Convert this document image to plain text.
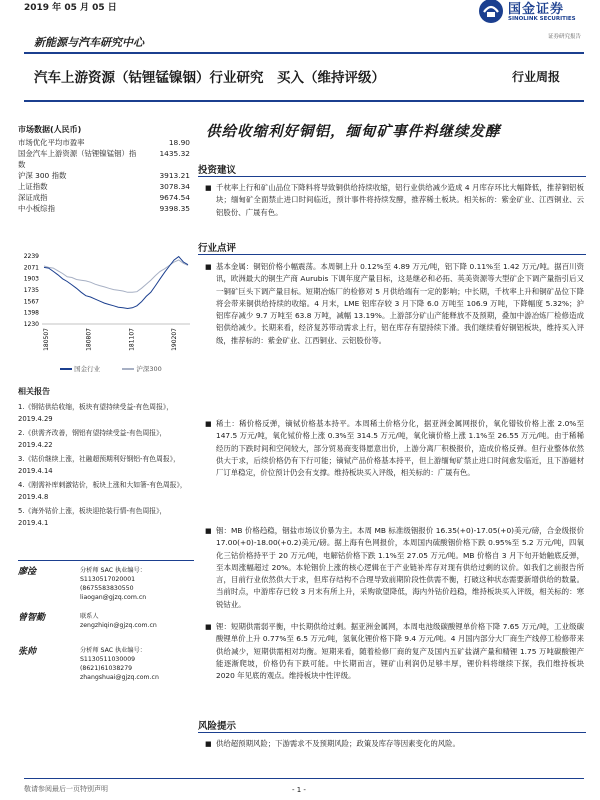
2019 年 05 月 05 日	国金证券
SINOLINK SECURITIES
证券研究报告
新能源与汽车研究中心
汽车上游资源（钴锂锰镍铟）行业研究　买入（维持评级）	行业周报
市场数据(人民币)
市场优化平均市盈率	18.90
国金汽车上游资源（钴锂镍锰铟）指数	1435.32
沪深 300 指数	3913.21
上证指数	3078.34
深证成指	9674.54
中小板综指	9398.35
2239
2071
1903
1735
1567
1398
1230
180507	180807	181107	190207
国金行业	沪深300
相关报告
1.《钢钴供给收缩，板块有望持续受益-有色周报》，2019.4.29
2.《供需齐改善，钢铝有望持续受益-有色周报》，2019.4.22
3.《钴价继续上涨，社融超预期利好钢铝-有色周报》，2019.4.14
4.《刚需补库刺激钴价，板块上涨和大如箸-有色周报》，2019.4.8
5.《海外钴价上涨，板块迎抢装行情-有色周报》，2019.4.1
廖淦	分析师 SAC 执业编号：S1130517020001
(8675583830550
liaogan@gjzq.com.cn
曾智勤	联系人
zengzhiqin@gjzq.com.cn
张帅	分析师 SAC 执业编号：S1130511030009
(8621)61038279
zhangshuai@gjzq.com.cn
供给收缩利好铜铝，缅甸矿事件料继续发酵
投资建议
■ 千枕率上行和矿山品位下降料将导致铜供给持续收缩，铝行业供给减少造成 4 月库存环比大幅降低，推荐铜铝板块；缅甸矿全面禁止进口时间临近，预计事件将持续发酵，推荐稀土板块。相关标的：紫金矿业、江西铜业、云铝股份、广晟有色。
行业点评
■ 基本金属：铜铝价格小幅震荡。本周铜上升 0.12%至 4.89 万元/吨，铝下降 0.11%至 1.42 万元/吨。据百川资讯，欧洲最大的铜生产商 Aurubis 下调年度产量目标，这是继必和必拓、英美资源等大型矿企下调产量指引后又一铜矿巨头下调产量目标。短期冶炼厂的检修对 5 月供给端有一定的影响；中长期，千枕率上升和铜矿品位下降将会带来铜供给持续的收缩。4 月末，LME 铝库存较 3 月下降 6.0 万吨至 106.9 万吨，下降幅度 5.32%；沪铝库存减少 9.7 万吨至 63.8 万吨，减幅 13.19%。上游部分矿山产能释放不及预期，叠加中游冶炼厂检修造成铝供给减少。长期来看，经济复苏带动需求上行，铝在库存有望持续下滑。我们继续看好铜铝板块，维持买入评级，推荐标的：紫金矿业、江西铜业、云铝股份等。
■ 稀土：稀价格反弹，镝铽价格基本持平。本周稀土价格分化，据亚洲金属网报价，氧化镨钕价格上涨 2.0%至 147.5 万元/吨，氧化铽价格上涨 0.3%至 314.5 万元/吨，氧化镝价格上涨 1.1%至 26.55 万元/吨。由于稀稀经历的下跌时间和空间较大，部分贸易商变得愿意出价，上游分离厂积极报价，造成价格反弹。但行业整体依然供大于求，后续价格仍有下行可能；镝铽产品价格基本持平，但上游缅甸矿禁止进口时间愈发临近，且下游磁材厂订单稳定，价位预计仍会有支撑。维持板块买入评级，相关标的：广晟有色。
■ 铟：MB 价格趋稳，铟盐市场议价暴为主。本周 MB 标准级铟报价 16.35(+0)-17.05(+0)美元/磅，合金级报价 17.00(+0)-18.00(+0.2)美元/磅。据上海有色网报价，本周国内硫酸铟价格下跌 0.95%至 5.2 万元/吨，四氧化三钴价格持平于 20 万元/吨，电解钴价格下跌 1.1%至 27.05 万元/吨。MB 价格自 3 月下旬开始触底反弹，至本周涨幅超过 20%。本轮铟价上涨的核心逻辑在于产业链补库存对现有供给过剩的议价。如我们之前报告所言，目前行业依然供大于求，但库存结构不合理导致前期阶段性供需不衡，打破这种状态需要新增供给的数量。当前时点，中游库存已较 3 月末有所上升，采购欲望降低，海内外钴价趋稳，维持板块买入评级，相关标的：寒锐钴业。
■ 锂：短期供需弱平衡，中长期供给过剩。据亚洲金属网，本周电池级碳酸锂单价格下降 7.65 万元/吨，工业级碳酸锂单价上升 0.77%至 6.5 万元/吨，氢氧化锂价格下降 9.4 万元/吨。4 月国内部分大厂商生产线停工检修带来供给减少，短期供需相对均衡。短期来看，随着检修厂商的复产及国内五矿盐湖产量和精锂 1.75 万吨碳酸锂产能逐渐爬坡，价格仍有下跌可能。中长期而言，锂矿山利润仍足够丰厚，锂价料将继续下探，我们维持板块 2020 年见底的观点。维持板块中性评级。
风险提示
■ 供给超预期风险；下游需求不及预期风险；政策及库存等因素变化的风险。
- 1 -
敬请参阅最后一页特别声明
